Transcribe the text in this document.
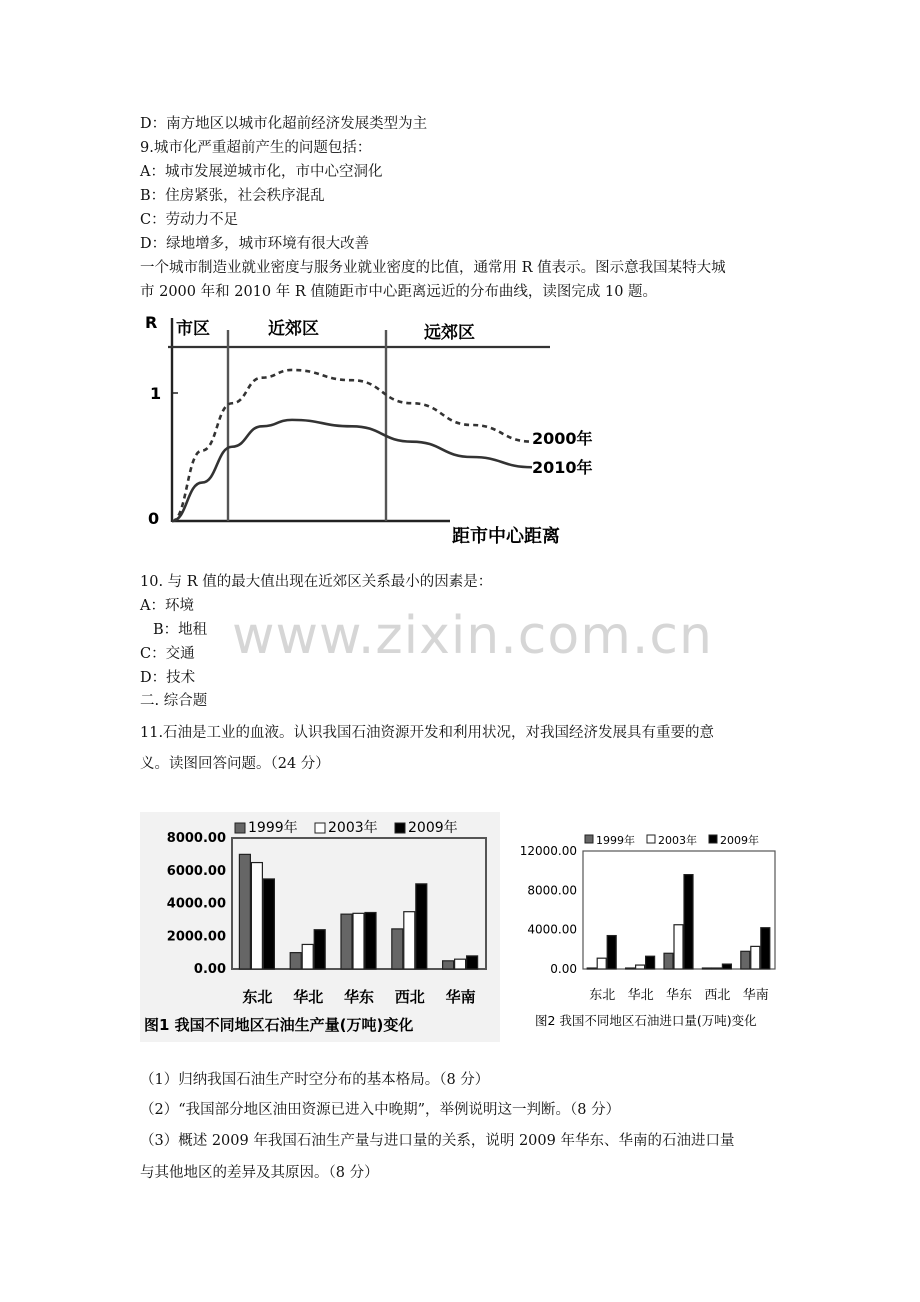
www.zixin.com.cn
D：南方地区以城市化超前经济发展类型为主
9.城市化严重超前产生的问题包括：
A：城市发展逆城市化，市中心空洞化
B：住房紧张，社会秩序混乱
C：劳动力不足
D：绿地增多，城市环境有很大改善
一个城市制造业就业密度与服务业就业密度的比值，通常用 R 值表示。图示意我国某特大城
市 2000 年和 2010 年 R 值随距市中心距离远近的分布曲线，读图完成 10 题。
R 市区	近郊区	远郊区
1
0
2000年
2010年
距市中心距离
10. 与 R 值的最大值出现在近郊区关系最小的因素是：
A：环境
B：地租
C：交通
D：技术
二. 综合题
11.石油是工业的血液。认识我国石油资源开发和利用状况，对我国经济发展具有重要的意
义。读图回答问题。（24 分）
0.00
2000.00
4000.00
6000.00
8000.00
1999年 2003年 2009年
东北 华北 华东 西北 华南
图1 我国不同地区石油生产量(万吨)变化
0.00
4000.00
8000.00
12000.00
1999年 2003年 2009年
东北 华北 华东 西北 华南
图2 我国不同地区石油进口量(万吨)变化
（1）归纳我国石油生产时空分布的基本格局。（8 分）
（2）“我国部分地区油田资源已进入中晚期”，举例说明这一判断。（8 分）
（3）概述 2009 年我国石油生产量与进口量的关系，说明 2009 年华东、华南的石油进口量
与其他地区的差异及其原因。（8 分）
